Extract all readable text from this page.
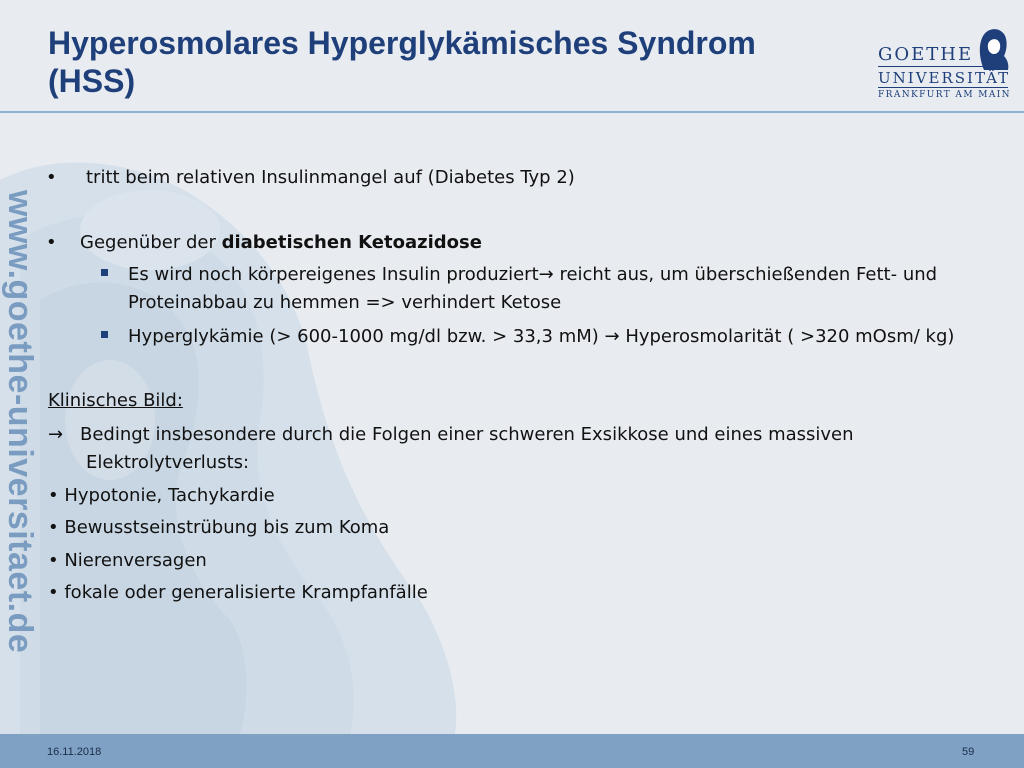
Hyperosmolares Hyperglykämisches Syndrom
(HSS)
GOETHE
UNIVERSITÄT
FRANKFURT AM MAIN
www.goethe-universitaet.de
• tritt beim relativen Insulinmangel auf (Diabetes Typ 2)
• Gegenüber der diabetischen Ketoazidose
Es wird noch körpereigenes Insulin produziert→ reicht aus, um überschießenden Fett- und
Proteinabbau zu hemmen => verhindert Ketose
Hyperglykämie (> 600-1000 mg/dl bzw. > 33,3 mM) → Hyperosmolarität ( >320 mOsm/ kg)
Klinisches Bild:
→ Bedingt insbesondere durch die Folgen einer schweren Exsikkose und eines massiven
Elektrolytverlusts:
• Hypotonie, Tachykardie
• Bewusstseinstrübung bis zum Koma
• Nierenversagen
• fokale oder generalisierte Krampfanfälle
16.11.2018	59
